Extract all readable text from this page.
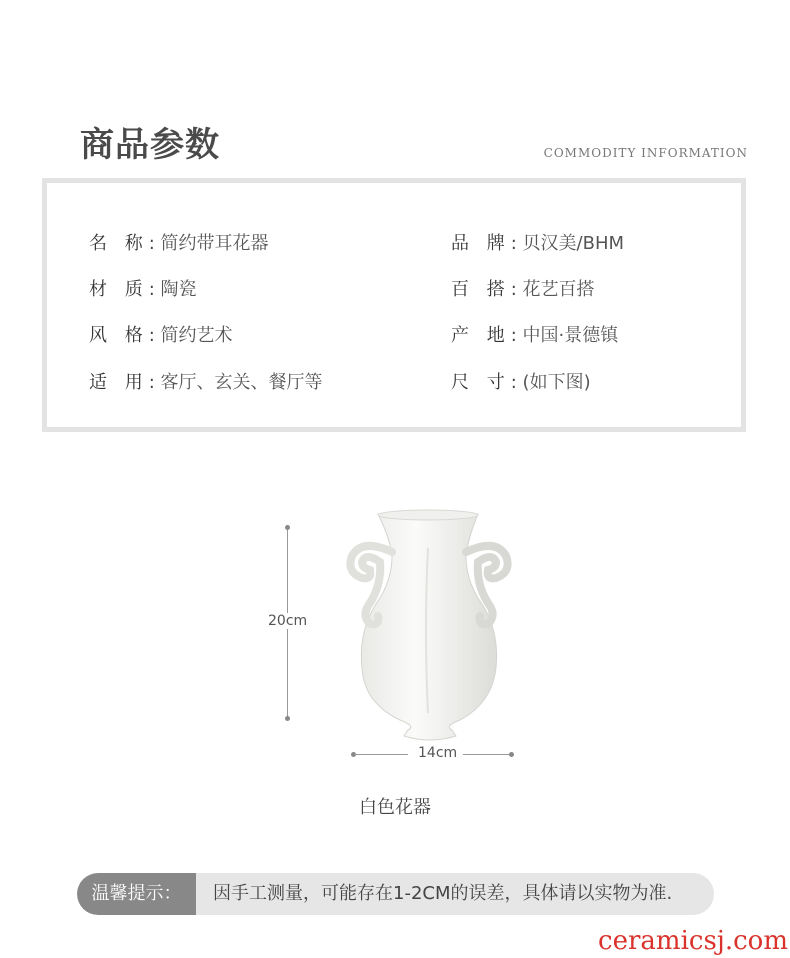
商品参数	COMMODITY INFORMATION
名 称: 简约带耳花器	品 牌: 贝汉美/BHM
材 质: 陶瓷	百 搭: 花艺百搭
风 格: 简约艺术	产 地: 中国·景德镇
适 用: 客厅、玄关、餐厅等	尺 寸: (如下图)
20cm
14cm
白色花器
温馨提示：	因手工测量，可能存在1-2CM的误差，具体请以实物为准.
ceramicsj.com
